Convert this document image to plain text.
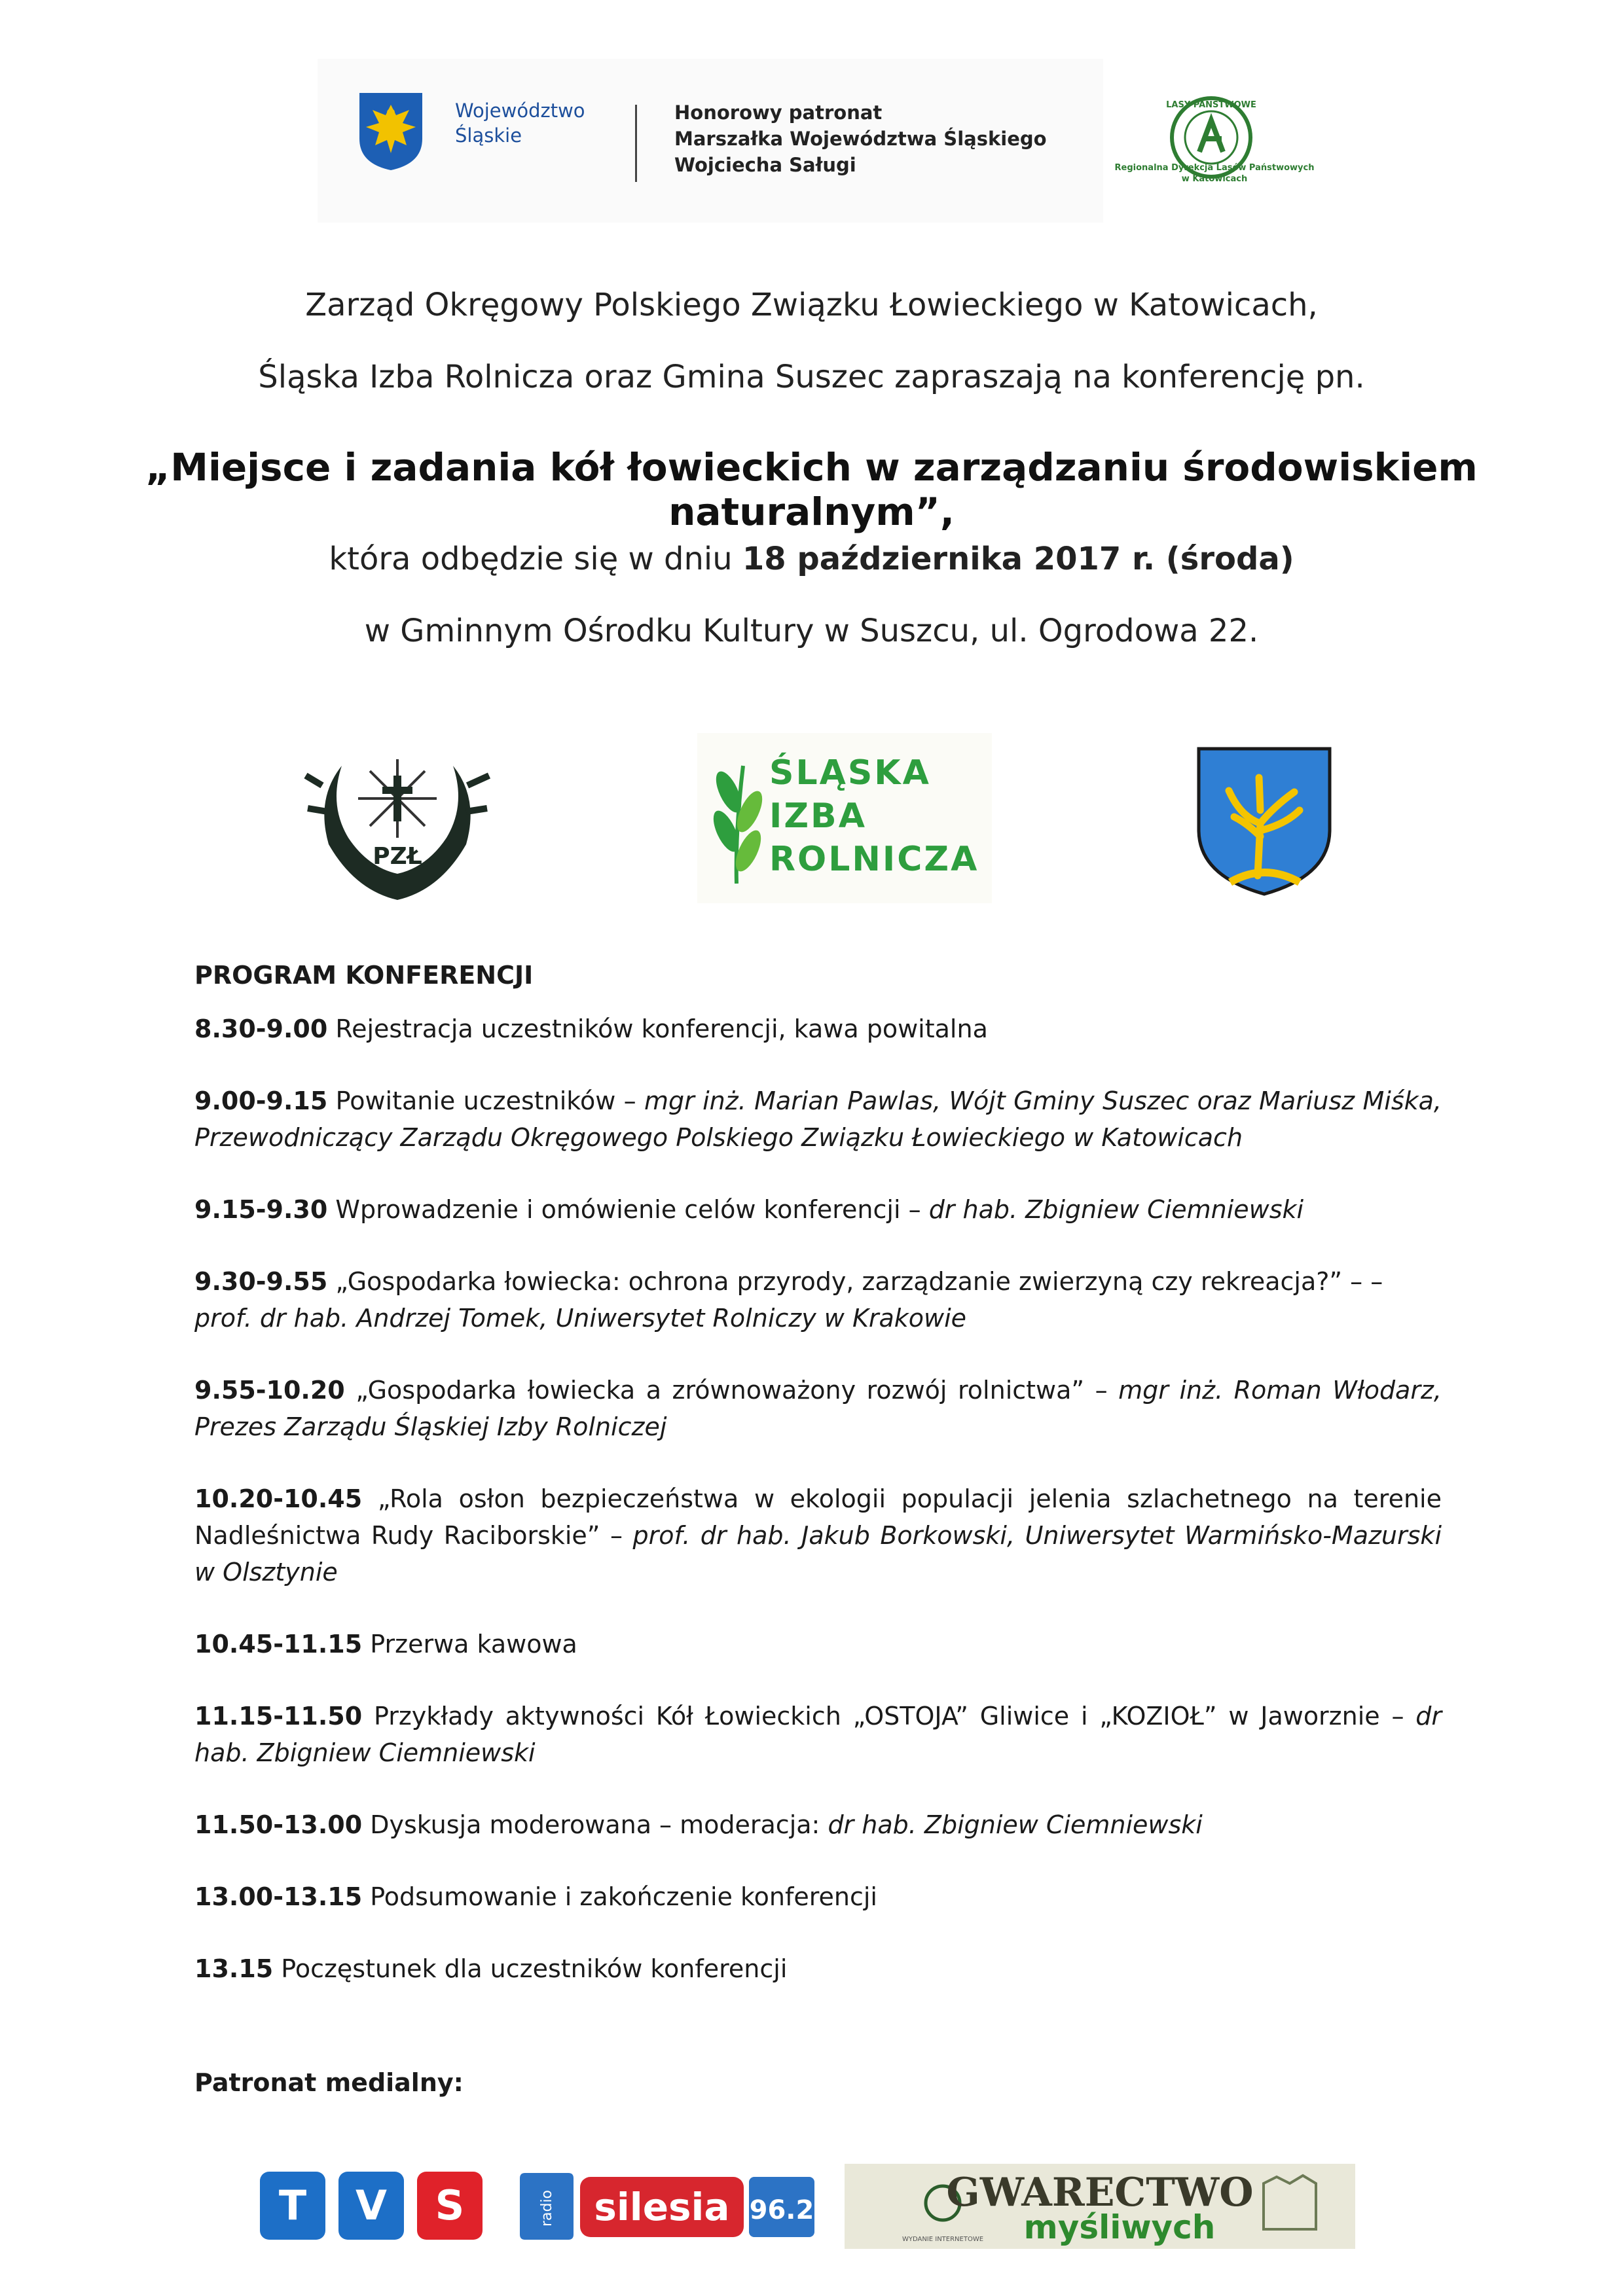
Województwo
Śląskie
Honorowy patronat
Marszałka Województwa Śląskiego
Wojciecha Saługi
LASY PAŃSTWOWE
Regionalna Dyrekcja Lasów Państwowych
w Katowicach
Zarząd Okręgowy Polskiego Związku Łowieckiego w Katowicach,
Śląska Izba Rolnicza oraz Gmina Suszec zapraszają na konferencję pn.
„Miejsce i zadania kół łowieckich w zarządzaniu środowiskiem naturalnym”,
która odbędzie się w dniu 18 października 2017 r. (środa)
w Gminnym Ośrodku Kultury w Suszcu, ul. Ogrodowa 22.
PZŁ
ŚLĄSKA
IZBA
ROLNICZA
PROGRAM KONFERENCJI
8.30-9.00 Rejestracja uczestników konferencji, kawa powitalna
9.00-9.15 Powitanie uczestników – mgr inż. Marian Pawlas, Wójt Gminy Suszec oraz Mariusz Miśka, Przewodniczący Zarządu Okręgowego Polskiego Związku Łowieckiego w Katowicach
9.15-9.30 Wprowadzenie i omówienie celów konferencji – dr hab. Zbigniew Ciemniewski
9.30-9.55 „Gospodarka łowiecka: ochrona przyrody, zarządzanie zwierzyną czy rekreacja?” – – prof. dr hab. Andrzej Tomek, Uniwersytet Rolniczy w Krakowie
9.55-10.20 „Gospodarka łowiecka a zrównoważony rozwój rolnictwa” – mgr inż. Roman Włodarz, Prezes Zarządu Śląskiej Izby Rolniczej
10.20-10.45 „Rola osłon bezpieczeństwa w ekologii populacji jelenia szlachetnego na terenie Nadleśnictwa Rudy Raciborskie” – prof. dr hab. Jakub Borkowski, Uniwersytet Warmińsko-Mazurski w Olsztynie
10.45-11.15 Przerwa kawowa
11.15-11.50 Przykłady aktywności Kół Łowieckich „OSTOJA” Gliwice i „KOZIOŁ” w Jaworznie – dr hab. Zbigniew Ciemniewski
11.50-13.00 Dyskusja moderowana – moderacja: dr hab. Zbigniew Ciemniewski
13.00-13.15 Podsumowanie i zakończenie konferencji
13.15 Poczęstunek dla uczestników konferencji
Patronat medialny:
T	V	S	radio silesia 96.2	GWARECTWO
myśliwych
WYDANIE INTERNETOWE
